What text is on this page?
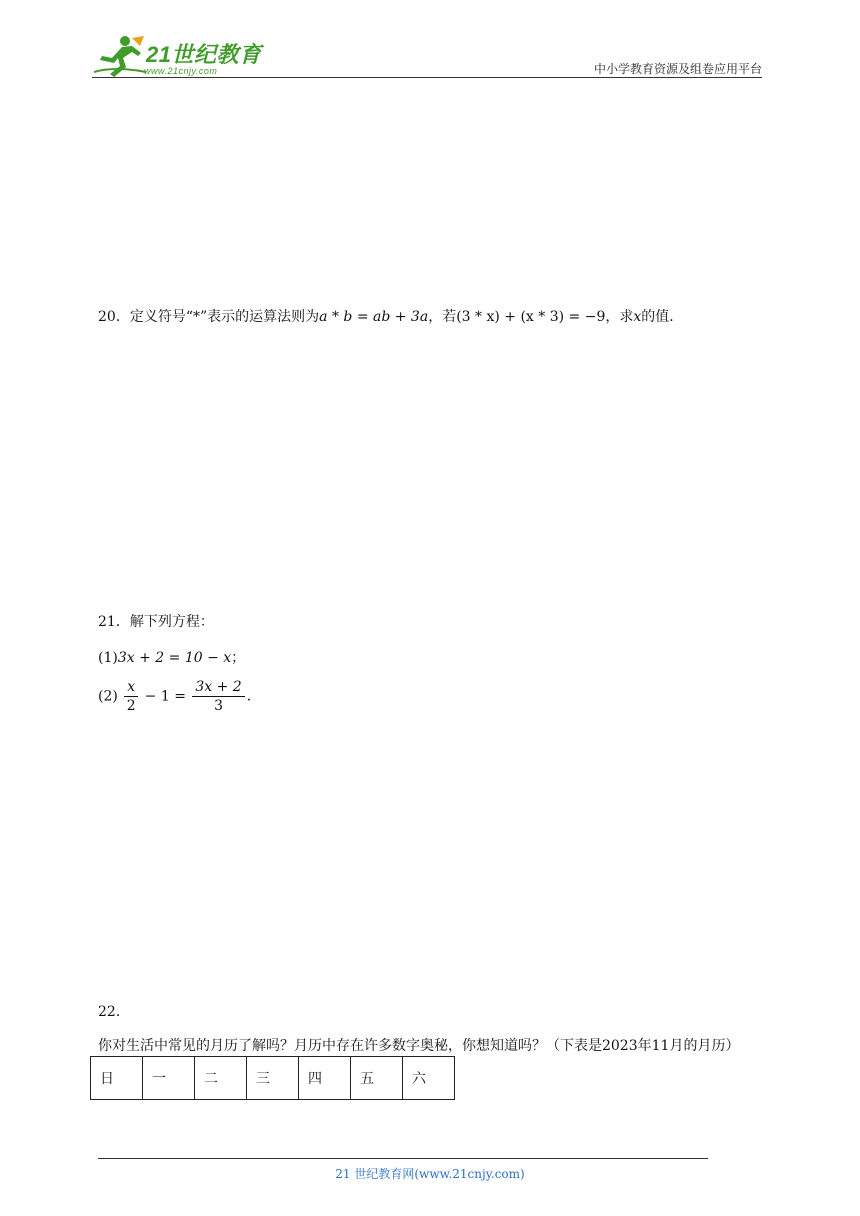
21世纪教育
www.21cnjy.com	中小学教育资源及组卷应用平台
20．定义符号“*”表示的运算法则为a * b = ab + 3a，若(3 * x) + (x * 3) = −9，求x的值．
21．解下列方程：
(1)3x + 2 = 10 − x；
$(2) \frac{x}{2} - 1 = \frac{3x + 2}{3}$ ．
22．你对生活中常见的月历了解吗？月历中存在许多数字奥秘，你想知道吗？（下表是2023年11月的月历）
日	一	二	三	四	五	六
21 世纪教育网(www.21cnjy.com)
